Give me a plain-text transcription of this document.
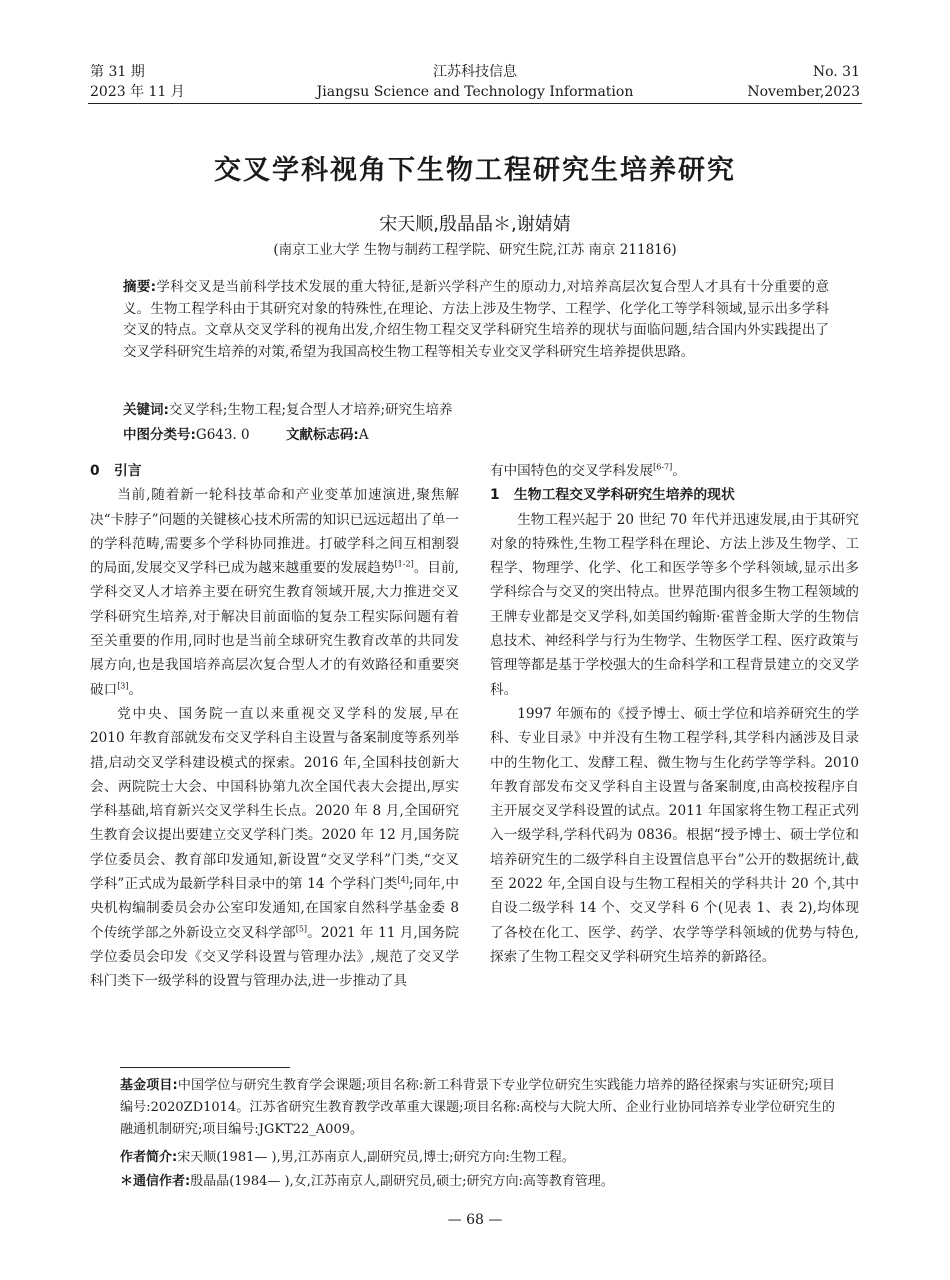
第 31 期
2023 年 11 月
江苏科技信息
Jiangsu Science and Technology Information
No. 31
November,2023
交叉学科视角下生物工程研究生培养研究
宋天顺,殷晶晶＊,谢婧婧
(南京工业大学 生物与制药工程学院、研究生院,江苏 南京 211816)
摘要:学科交叉是当前科学技术发展的重大特征,是新兴学科产生的原动力,对培养高层次复合型人才具有十分重要的意义。生物工程学科由于其研究对象的特殊性,在理论、方法上涉及生物学、工程学、化学化工等学科领域,显示出多学科交叉的特点。文章从交叉学科的视角出发,介绍生物工程交叉学科研究生培养的现状与面临问题,结合国内外实践提出了交叉学科研究生培养的对策,希望为我国高校生物工程等相关专业交叉学科研究生培养提供思路。
关键词:交叉学科;生物工程;复合型人才培养;研究生培养
中图分类号:G643. 0	文献标志码:A
0 引言

当前,随着新一轮科技革命和产业变革加速演进,聚焦解决“卡脖子”问题的关键核心技术所需的知识已远远超出了单一的学科范畴,需要多个学科协同推进。打破学科之间互相割裂的局面,发展交叉学科已成为越来越重要的发展趋势[1-2]。目前,学科交叉人才培养主要在研究生教育领域开展,大力推进交叉学科研究生培养,对于解决目前面临的复杂工程实际问题有着至关重要的作用,同时也是当前全球研究生教育改革的共同发展方向,也是我国培养高层次复合型人才的有效路径和重要突破口[3]。

党中央、国务院一直以来重视交叉学科的发展,早在 2010 年教育部就发布交叉学科自主设置与备案制度等系列举措,启动交叉学科建设模式的探索。2016 年,全国科技创新大会、两院院士大会、中国科协第九次全国代表大会提出,厚实学科基础,培育新兴交叉学科生长点。2020 年 8 月,全国研究生教育会议提出要建立交叉学科门类。2020 年 12 月,国务院学位委员会、教育部印发通知,新设置“交叉学科”门类,“交叉学科”正式成为最新学科目录中的第 14 个学科门类[4];同年,中央机构编制委员会办公室印发通知,在国家自然科学基金委 8 个传统学部之外新设立交叉科学部[5]。2021 年 11 月,国务院学位委员会印发《交叉学科设置与管理办法》,规范了交叉学科门类下一级学科的设置与管理办法,进一步推动了具

有中国特色的交叉学科发展[6-7]。

1 生物工程交叉学科研究生培养的现状

生物工程兴起于 20 世纪 70 年代并迅速发展,由于其研究对象的特殊性,生物工程学科在理论、方法上涉及生物学、工程学、物理学、化学、化工和医学等多个学科领域,显示出多学科综合与交叉的突出特点。世界范围内很多生物工程领域的王牌专业都是交叉学科,如美国约翰斯·霍普金斯大学的生物信息技术、神经科学与行为生物学、生物医学工程、医疗政策与管理等都是基于学校强大的生命科学和工程背景建立的交叉学科。

1997 年颁布的《授予博士、硕士学位和培养研究生的学科、专业目录》中并没有生物工程学科,其学科内涵涉及目录中的生物化工、发酵工程、微生物与生化药学等学科。2010 年教育部发布交叉学科自主设置与备案制度,由高校按程序自主开展交叉学科设置的试点。2011 年国家将生物工程正式列入一级学科,学科代码为 0836。根据“授予博士、硕士学位和培养研究生的二级学科自主设置信息平台”公开的数据统计,截至 2022 年,全国自设与生物工程相关的学科共计 20 个,其中自设二级学科 14 个、交叉学科 6 个(见表 1、表 2),均体现了各校在化工、医学、药学、农学等学科领域的优势与特色,探索了生物工程交叉学科研究生培养的新路径。

基金项目:中国学位与研究生教育学会课题;项目名称:新工科背景下专业学位研究生实践能力培养的路径探索与实证研究;项目编号:2020ZD1014。江苏省研究生教育教学改革重大课题;项目名称:高校与大院大所、企业行业协同培养专业学位研究生的融通机制研究;项目编号:JGKT22_A009。
作者简介:宋天顺(1981— ),男,江苏南京人,副研究员,博士;研究方向:生物工程。
＊通信作者:殷晶晶(1984— ),女,江苏南京人,副研究员,硕士;研究方向:高等教育管理。
— 68 —
